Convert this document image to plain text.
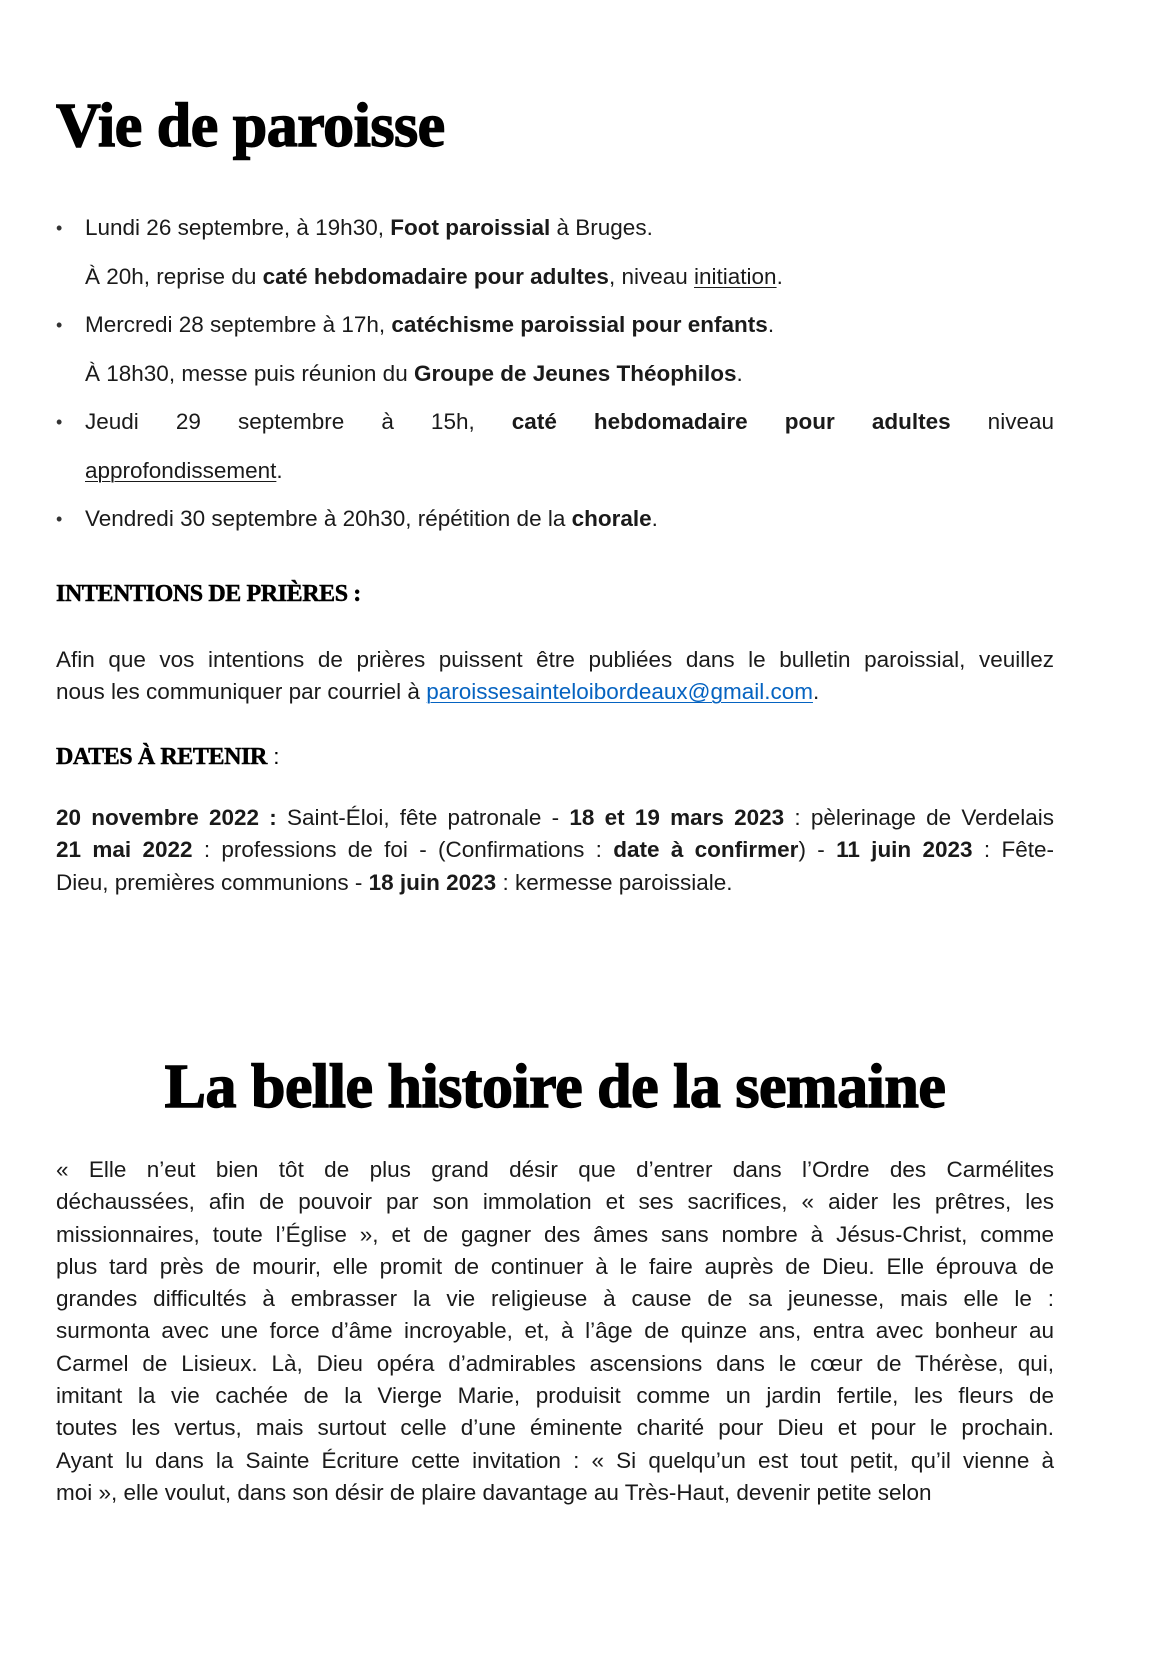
Vie de paroisse
• Lundi 26 septembre, à 19h30, Foot paroissial à Bruges.
À 20h, reprise du caté hebdomadaire pour adultes, niveau initiation.
• Mercredi 28 septembre à 17h, catéchisme paroissial pour enfants.
À 18h30, messe puis réunion du Groupe de Jeunes Théophilos.
• Jeudi 29 septembre à 15h, caté hebdomadaire pour adultes niveau
approfondissement.
• Vendredi 30 septembre à 20h30, répétition de la chorale.
INTENTIONS DE PRIÈRES :
Afin que vos intentions de prières puissent être publiées dans le bulletin paroissial, veuillez
nous les communiquer par courriel à paroissesainteloibordeaux@gmail.com.
DATES À RETENIR :
20 novembre 2022 : Saint-Éloi, fête patronale - 18 et 19 mars 2023 : pèlerinage de Verdelais
21 mai 2022 : professions de foi - (Confirmations : date à confirmer) - 11 juin 2023 : Fête-
Dieu, premières communions - 18 juin 2023 : kermesse paroissiale.
La belle histoire de la semaine
« Elle n’eut bien tôt de plus grand désir que d’entrer dans l’Ordre des Carmélites
déchaussées, afin de pouvoir par son immolation et ses sacrifices, « aider les prêtres, les
missionnaires, toute l’Église », et de gagner des âmes sans nombre à Jésus-Christ, comme
plus tard près de mourir, elle promit de continuer à le faire auprès de Dieu. Elle éprouva de
grandes difficultés à embrasser la vie religieuse à cause de sa jeunesse, mais elle le :
surmonta avec une force d’âme incroyable, et, à l’âge de quinze ans, entra avec bonheur au
Carmel de Lisieux. Là, Dieu opéra d’admirables ascensions dans le cœur de Thérèse, qui,
imitant la vie cachée de la Vierge Marie, produisit comme un jardin fertile, les fleurs de
toutes les vertus, mais surtout celle d’une éminente charité pour Dieu et pour le prochain.
Ayant lu dans la Sainte Écriture cette invitation : « Si quelqu’un est tout petit, qu’il vienne à
moi », elle voulut, dans son désir de plaire davantage au Très-Haut, devenir petite selon
